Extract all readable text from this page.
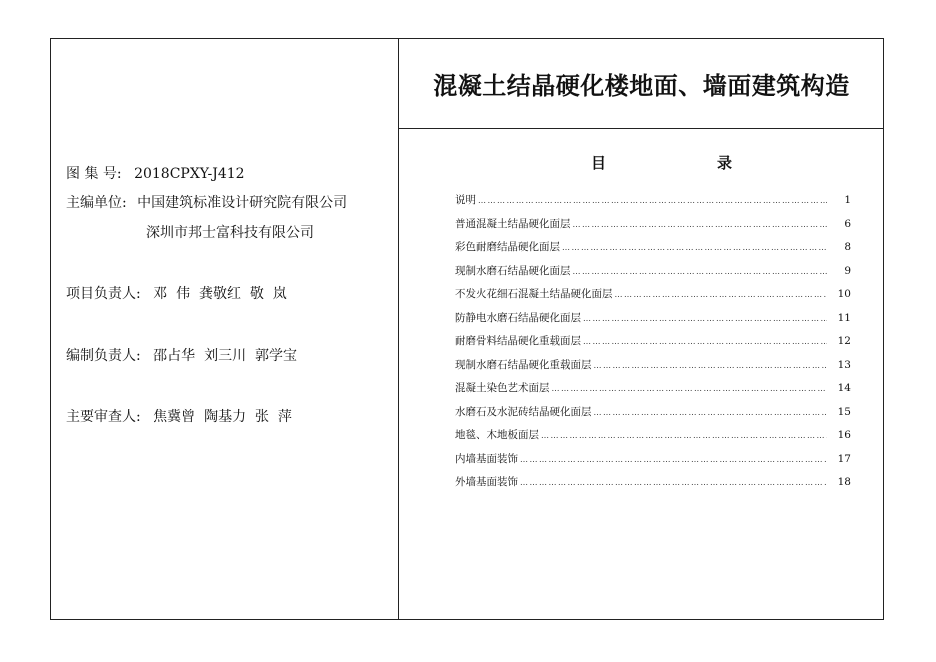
混凝土结晶硬化楼地面、墙面建筑构造
图 集 号: 2018CPXY-J412
主编单位: 中国建筑标准设计研究院有限公司
深圳市邦士富科技有限公司
项目负责人: 邓  伟  龚敬红  敬  岚
编制负责人: 邵占华  刘三川  郭学宝
主要审查人: 焦冀曾  陶基力  张  萍
目	录
说明 ……………………………………………………………………………………………………………………………………………………………………	1
普通混凝土结晶硬化面层 ……………………………………………………………………………………………………………………………………………………………………	6
彩色耐磨结晶硬化面层 ……………………………………………………………………………………………………………………………………………………………………	8
现制水磨石结晶硬化面层 ……………………………………………………………………………………………………………………………………………………………………	9
不发火花细石混凝土结晶硬化面层 ……………………………………………………………………………………………………………………………………………………………………	10
防静电水磨石结晶硬化面层 ……………………………………………………………………………………………………………………………………………………………………	11
耐磨骨料结晶硬化重载面层 ……………………………………………………………………………………………………………………………………………………………………	12
现制水磨石结晶硬化重载面层 ……………………………………………………………………………………………………………………………………………………………………	13
混凝土染色艺术面层 ……………………………………………………………………………………………………………………………………………………………………	14
水磨石及水泥砖结晶硬化面层 ……………………………………………………………………………………………………………………………………………………………………	15
地毯、木地板面层 ……………………………………………………………………………………………………………………………………………………………………	16
内墙基面装饰 ……………………………………………………………………………………………………………………………………………………………………	17
外墙基面装饰 ……………………………………………………………………………………………………………………………………………………………………	18
